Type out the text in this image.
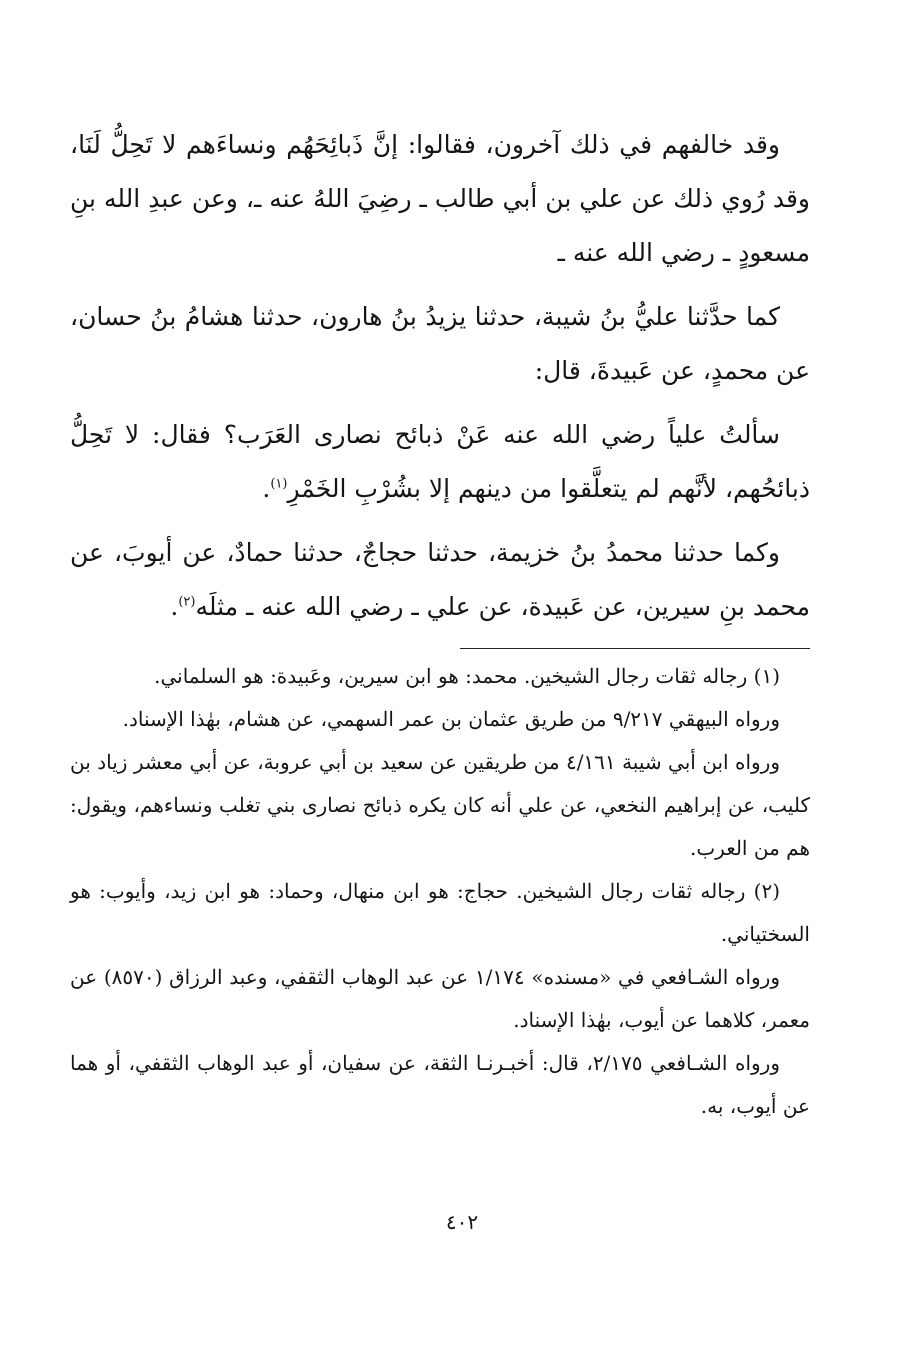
وقد خالفهم في ذلك آخرون، فقالوا: إنَّ ذَبائِحَهُم ونساءَهم لا تَحِلُّ لَنَا، وقد رُوي ذلك عن علي بن أبي طالب ـ رضِيَ اللهُ عنه ـ، وعن عبدِ الله بنِ مسعودٍ ـ رضي الله عنه ـ

كما حدَّثنا عليُّ بنُ شيبة، حدثنا يزيدُ بنُ هارون، حدثنا هشامُ بنُ حسان، عن محمدٍ، عن عَبيدةَ، قال:

سألتُ علياً رضي الله عنه عَنْ ذبائح نصارى العَرَب؟ فقال: لا تَحِلُّ ذبائحُهم، لأنَّهم لم يتعلَّقوا من دينهم إلا بشُرْبِ الخَمْرِ$^{(١)}$.

وكما حدثنا محمدُ بنُ خزيمة، حدثنا حجاجٌ، حدثنا حمادٌ، عن أيوبَ، عن محمد بنِ سيرين، عن عَبيدة، عن علي ـ رضي الله عنه ـ مثلَه$^{(٢)}$.

(١) رجاله ثقات رجال الشيخين. محمد: هو ابن سيرين، وعَبيدة: هو السلماني.

ورواه البيهقي ٩/٢١٧ من طريق عثمان بن عمر السهمي، عن هشام، بهٰذا الإسناد.

ورواه ابن أبي شيبة ٤/١٦١ من طريقين عن سعيد بن أبي عروبة، عن أبي معشر زياد بن كليب، عن إبراهيم النخعي، عن علي أنه كان يكره ذبائح نصارى بني تغلب ونساءهم، ويقول: هم من العرب.

(٢) رجاله ثقات رجال الشيخين. حجاج: هو ابن منهال، وحماد: هو ابن زيد، وأيوب: هو السختياني.

ورواه الشـافعي في «مسنده» ١/١٧٤ عن عبد الوهاب الثقفي، وعبد الرزاق (٨٥٧٠) عن معمر، كلاهما عن أيوب، بهٰذا الإسناد.

ورواه الشـافعي ٢/١٧٥، قال: أخبـرنـا الثقة، عن سفيان، أو عبد الوهاب الثقفي، أو هما عن أيوب، به.

٤٠٢
